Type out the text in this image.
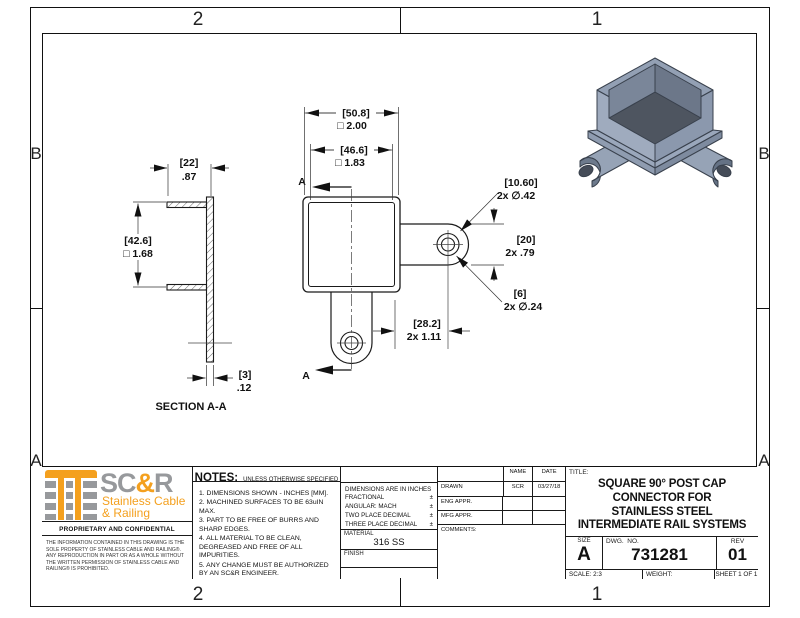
2	1
2	1
B	B
A	A
[22]
.87
[42.6]
□ 1.68
[3]
.12
SECTION A-A
A
A
[50.8]
□ 2.00
[46.6]
□ 1.83
[10.60]
2x ∅.42
[20]
2x .79
[6]
2x ∅.24
[28.2]
2x 1.11
SC&R
Stainless Cable
& Railing
PROPRIETARY AND CONFIDENTIAL
THE INFORMATION CONTAINED IN THIS DRAWING IS THE SOLE PROPERTY OF STAINLESS CABLE AND RAILING®. ANY REPRODUCTION IN PART OR AS A WHOLE WITHOUT THE WRITTEN PERMISSION OF STAINLESS CABLE AND RAILING® IS PROHIBITED.
NOTES: UNLESS OTHERWISE SPECIFIED
1. DIMENSIONS SHOWN - INCHES [MM].
2. MACHINED SURFACES TO BE 63uIN MAX.
3. PART TO BE FREE OF BURRS AND SHARP EDGES.
4. ALL MATERIAL TO BE CLEAN, DEGREASED AND FREE OF ALL IMPURITIES.
5. ANY CHANGE MUST BE AUTHORIZED BY AN SC&R ENGINEER.
DIMENSIONS ARE IN INCHES
FRACTIONAL	±
ANGULAR: MACH	±
TWO PLACE DECIMAL	±
THREE PLACE DECIMAL ±
MATERIAL
316 SS
FINISH
NAME	DATE
DRAWN	SCR	03/27/18
ENG APPR.
MFG APPR.
COMMENTS:
TITLE:
SQUARE 90° POST CAP
CONNECTOR FOR
STAINLESS STEEL
INTERMEDIATE RAIL SYSTEMS
SIZE
A
DWG.  NO.
731281
REV
01
SCALE: 2:3	WEIGHT:	SHEET 1 OF 1
